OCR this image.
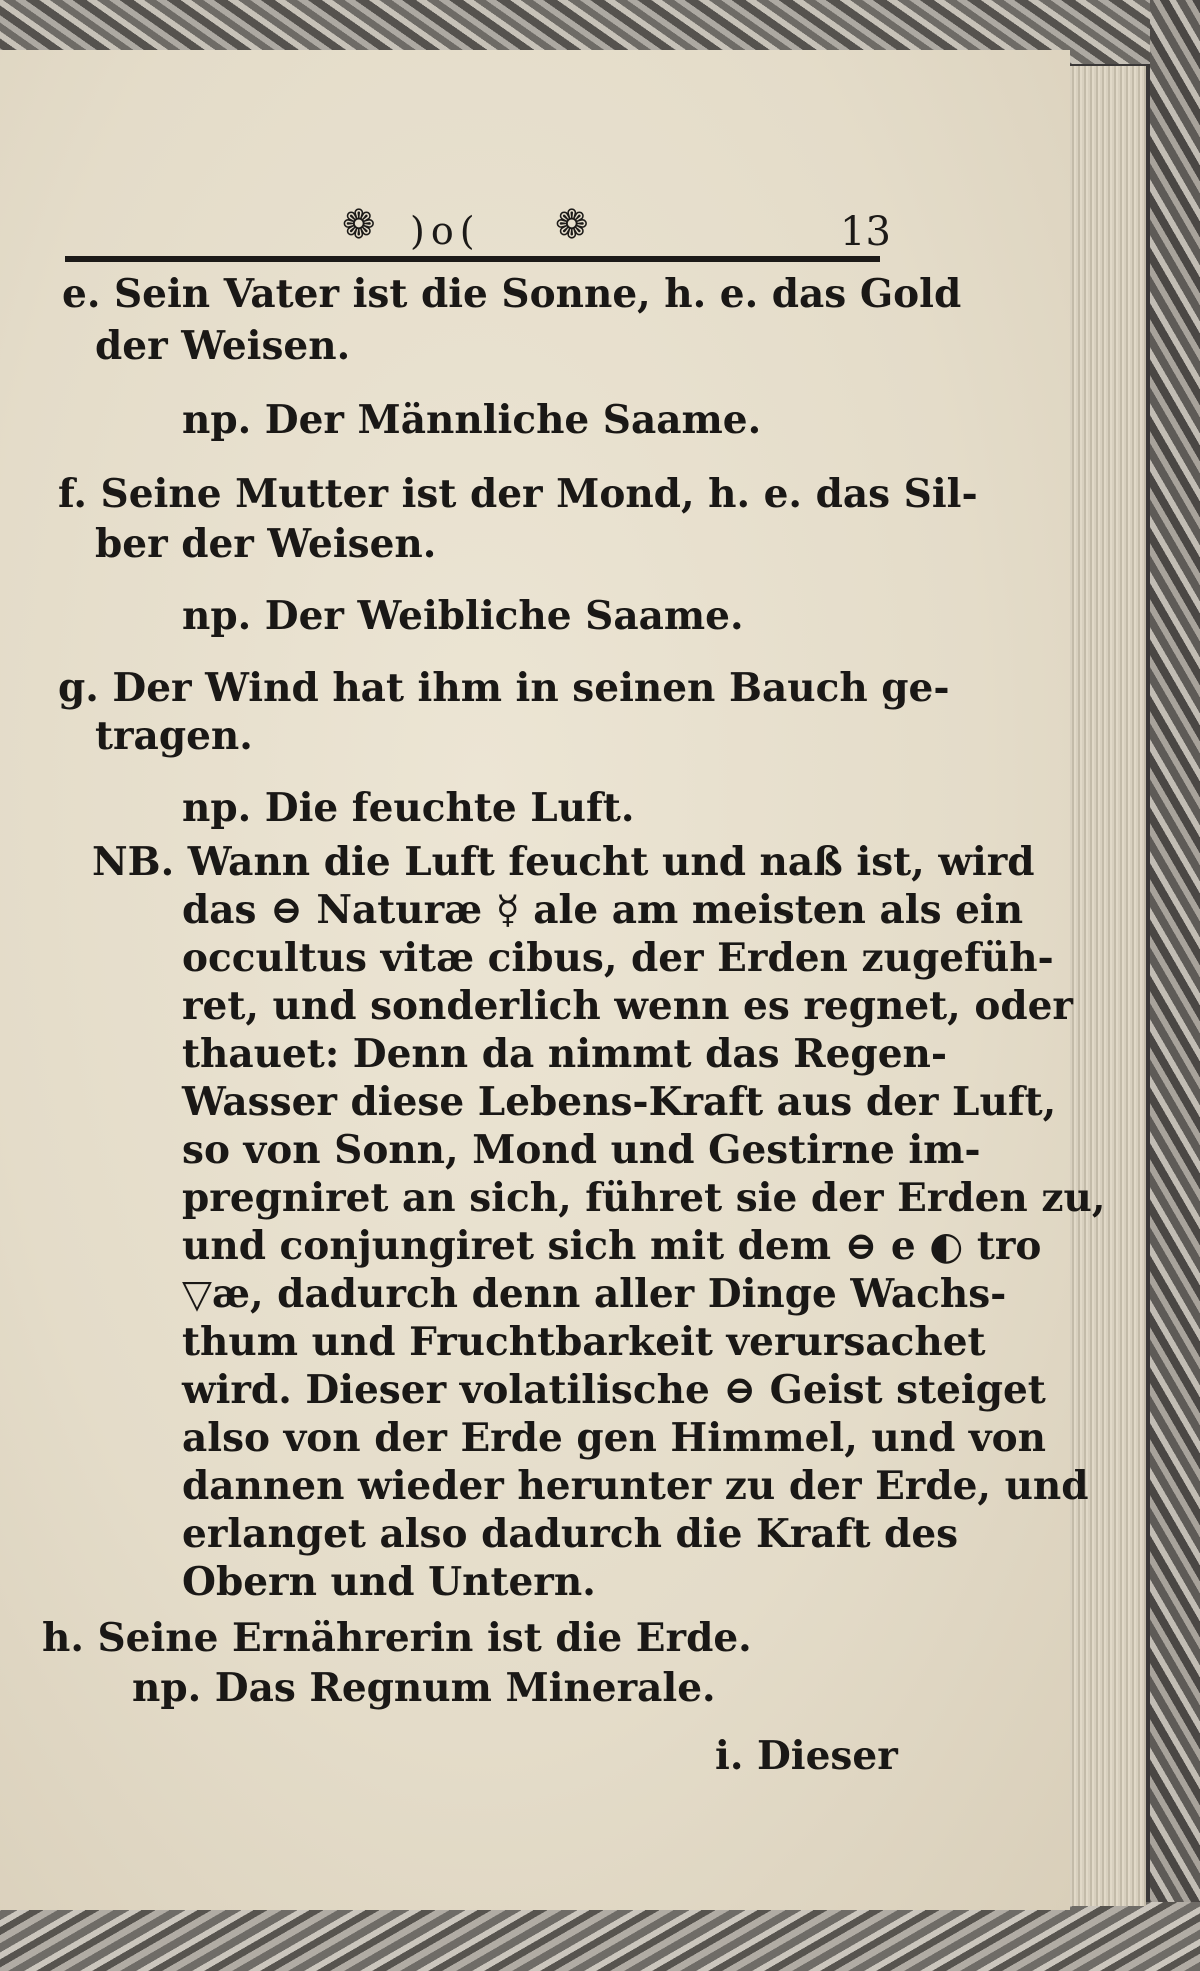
❁ )o( ❁	13
e. Sein Vater ist die Sonne, h. e. das Gold
der Weisen.
np. Der Männliche Saame.
f. Seine Mutter ist der Mond, h. e. das Sil-
ber der Weisen.
np. Der Weibliche Saame.
g. Der Wind hat ihm in seinen Bauch ge-
tragen.
np. Die feuchte Luft.
NB. Wann die Luft feucht und naß ist, wird
das ⊖ Naturæ ☿ ale am meisten als ein
occultus vitæ cibus, der Erden zugefüh-
ret, und sonderlich wenn es regnet, oder
thauet: Denn da nimmt das Regen-
Wasser diese Lebens-Kraft aus der Luft,
so von Sonn, Mond und Gestirne im-
pregniret an sich, führet sie der Erden zu,
und conjungiret sich mit dem ⊖ e ◐ tro
▽æ, dadurch denn aller Dinge Wachs-
thum und Fruchtbarkeit verursachet
wird. Dieser volatilische ⊖ Geist steiget
also von der Erde gen Himmel, und von
dannen wieder herunter zu der Erde, und
erlanget also dadurch die Kraft des
Obern und Untern.
h. Seine Ernährerin ist die Erde.
np. Das Regnum Minerale.
i. Dieser
